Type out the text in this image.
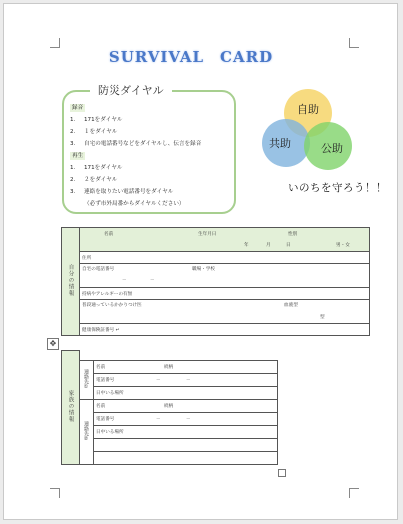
SURVIVAL　CARD
防災ダイヤル
録音
1. 171をダイヤル
2. １をダイヤル
3. 自宅の電話番号などをダイヤルし、伝言を録音
再生
1. 171をダイヤル
2. ２をダイヤル
3. 連絡を取りたい電話番号をダイヤル
（必ず市外局番からダイヤルください）
自助
共助	公助
いのちを守ろう！！
自分の情報	
名前	生年月日	性別
年	月	日	男・女

住所

自宅の電話番号	職場・学校
－	－

持病やアレルギーの有無

普段通っているかかりつけ医	血液型
型

健康保険証番号 ↵
✥
家族の情報		
	連絡先①	名前 続柄

		電話番号 － －

		日中いる場所
	連絡先②	名前 続柄

		電話番号 － －

		日中いる場所
